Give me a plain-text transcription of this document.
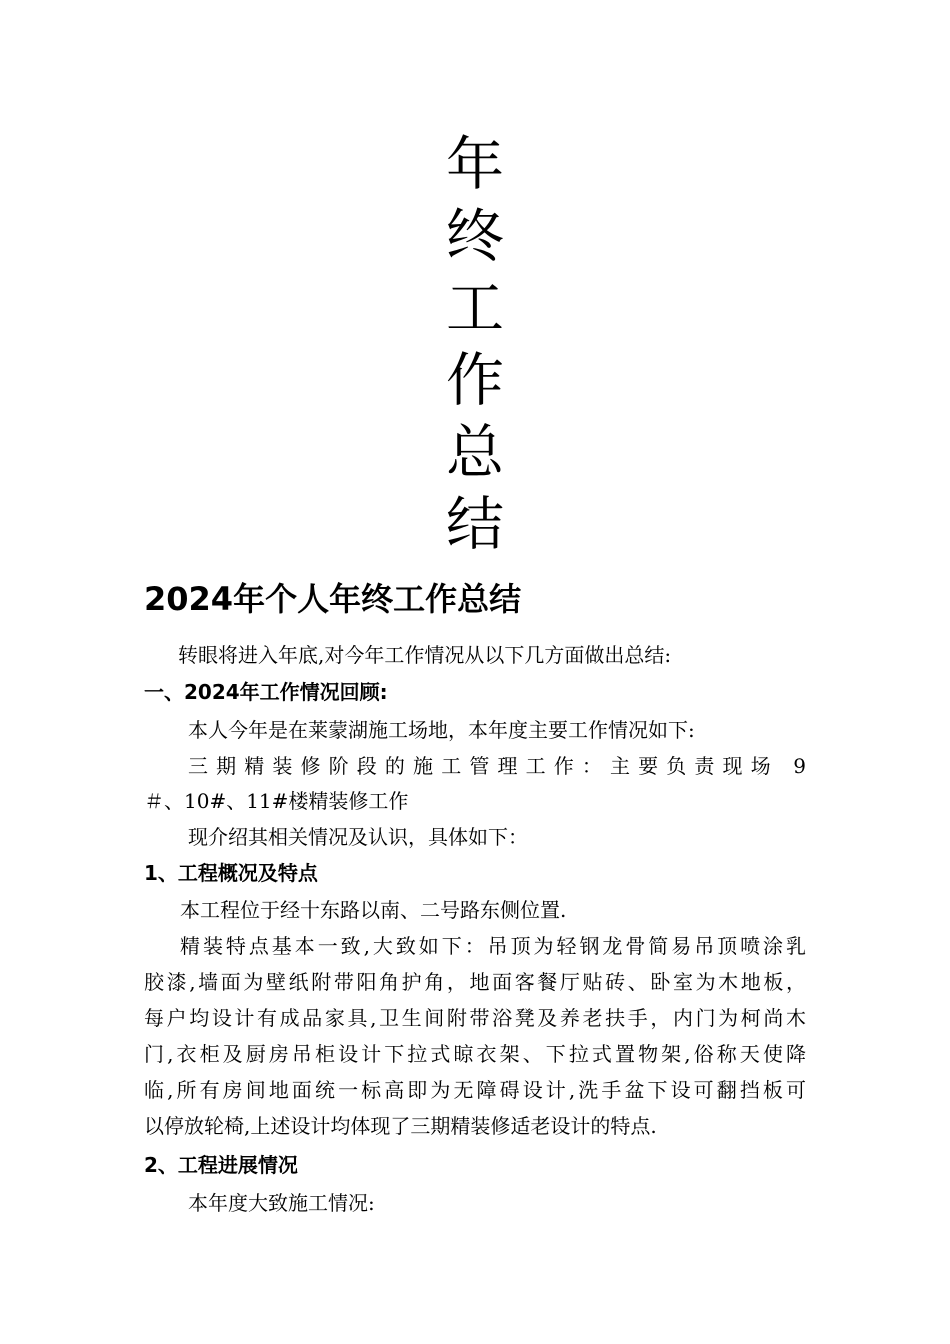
年
终
工
作
总
结
2024年个人年终工作总结
转眼将进入年底,对今年工作情况从以下几方面做出总结:
一、2024年工作情况回顾:
本人今年是在莱蒙湖施工场地，本年度主要工作情况如下:
三期精装修阶段的施工管理工作：主要负责现场 9
＃、10#、11#楼精装修工作
现介绍其相关情况及认识，具体如下：
1、工程概况及特点
本工程位于经十东路以南、二号路东侧位置.
精装特点基本一致,大致如下：吊顶为轻钢龙骨简易吊顶喷涂乳
胶漆,墙面为壁纸附带阳角护角，地面客餐厅贴砖、卧室为木地板，
每户均设计有成品家具,卫生间附带浴凳及养老扶手，内门为柯尚木
门,衣柜及厨房吊柜设计下拉式晾衣架、下拉式置物架,俗称天使降
临,所有房间地面统一标高即为无障碍设计,洗手盆下设可翻挡板可
以停放轮椅,上述设计均体现了三期精装修适老设计的特点.
2、工程进展情况
本年度大致施工情况:
